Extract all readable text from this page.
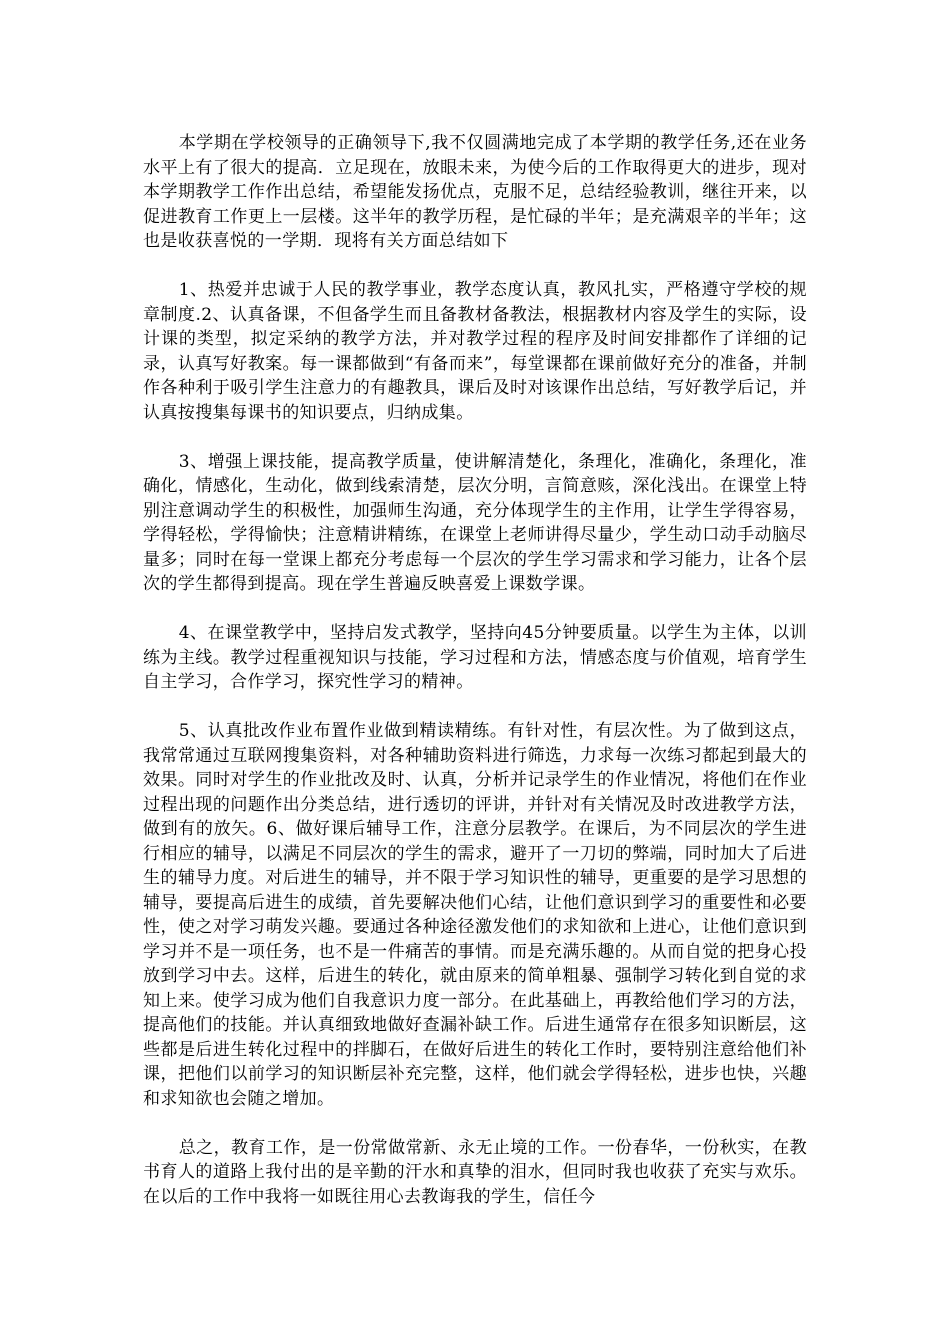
本学期在学校领导的正确领导下,我不仅圆满地完成了本学期的教学任务,还在业务水平上有了很大的提高．立足现在，放眼未来，为使今后的工作取得更大的进步，现对本学期教学工作作出总结，希望能发扬优点，克服不足，总结经验教训，继往开来，以促进教育工作更上一层楼。这半年的教学历程，是忙碌的半年；是充满艰辛的半年；这也是收获喜悦的一学期．现将有关方面总结如下

1、热爱并忠诚于人民的教学事业，教学态度认真，教风扎实，严格遵守学校的规章制度.2、认真备课，不但备学生而且备教材备教法，根据教材内容及学生的实际，设计课的类型，拟定采纳的教学方法，并对教学过程的程序及时间安排都作了详细的记录，认真写好教案。每一课都做到“有备而来”，每堂课都在课前做好充分的准备，并制作各种利于吸引学生注意力的有趣教具，课后及时对该课作出总结，写好教学后记，并认真按搜集每课书的知识要点，归纳成集。

3、增强上课技能，提高教学质量，使讲解清楚化，条理化，准确化，条理化，准确化，情感化，生动化，做到线索清楚，层次分明，言简意赅，深化浅出。在课堂上特别注意调动学生的积极性，加强师生沟通，充分体现学生的主作用，让学生学得容易，学得轻松，学得愉快；注意精讲精练，在课堂上老师讲得尽量少，学生动口动手动脑尽量多；同时在每一堂课上都充分考虑每一个层次的学生学习需求和学习能力，让各个层次的学生都得到提高。现在学生普遍反映喜爱上课数学课。

4、在课堂教学中，坚持启发式教学，坚持向45分钟要质量。以学生为主体，以训练为主线。教学过程重视知识与技能，学习过程和方法，情感态度与价值观，培育学生自主学习，合作学习，探究性学习的精神。

5、认真批改作业布置作业做到精读精练。有针对性，有层次性。为了做到这点，我常常通过互联网搜集资料，对各种辅助资料进行筛选，力求每一次练习都起到最大的效果。同时对学生的作业批改及时、认真，分析并记录学生的作业情况，将他们在作业过程出现的问题作出分类总结，进行透切的评讲，并针对有关情况及时改进教学方法，做到有的放矢。6、做好课后辅导工作，注意分层教学。在课后，为不同层次的学生进行相应的辅导，以满足不同层次的学生的需求，避开了一刀切的弊端，同时加大了后进生的辅导力度。对后进生的辅导，并不限于学习知识性的辅导，更重要的是学习思想的辅导，要提高后进生的成绩，首先要解决他们心结，让他们意识到学习的重要性和必要性，使之对学习萌发兴趣。要通过各种途径激发他们的求知欲和上进心，让他们意识到学习并不是一项任务，也不是一件痛苦的事情。而是充满乐趣的。从而自觉的把身心投放到学习中去。这样，后进生的转化，就由原来的简单粗暴、强制学习转化到自觉的求知上来。使学习成为他们自我意识力度一部分。在此基础上，再教给他们学习的方法，提高他们的技能。并认真细致地做好查漏补缺工作。后进生通常存在很多知识断层，这些都是后进生转化过程中的拌脚石，在做好后进生的转化工作时，要特别注意给他们补课，把他们以前学习的知识断层补充完整，这样，他们就会学得轻松，进步也快，兴趣和求知欲也会随之增加。

总之，教育工作，是一份常做常新、永无止境的工作。一份春华，一份秋实，在教书育人的道路上我付出的是辛勤的汗水和真挚的泪水，但同时我也收获了充实与欢乐。在以后的工作中我将一如既往用心去教诲我的学生，信任今
